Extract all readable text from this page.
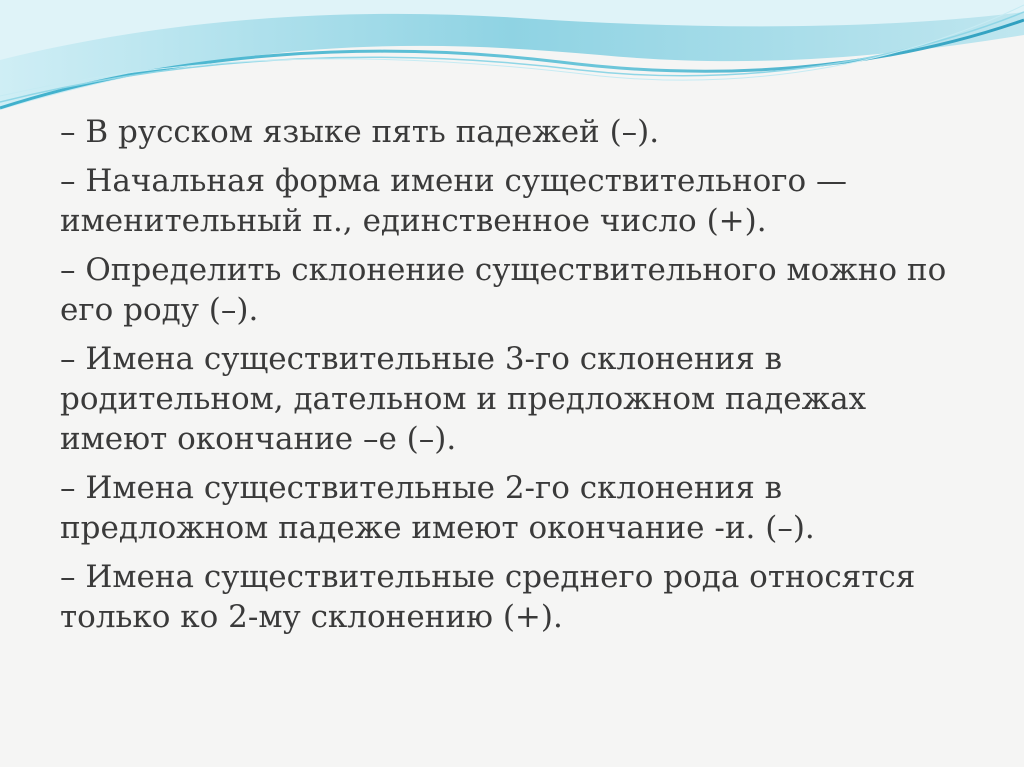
– В русском языке пять падежей (–).
– Начальная форма имени существительного — именительный п., единственное число (+).
– Определить склонение существительного можно по его роду (–).
– Имена существительные 3-го склонения в родительном, дательном и предложном падежах имеют окончание –е (–).
– Имена существительные 2-го склонения в предложном падеже имеют окончание -и. (–).
– Имена существительные среднего рода относятся только ко 2-му склонению (+).
